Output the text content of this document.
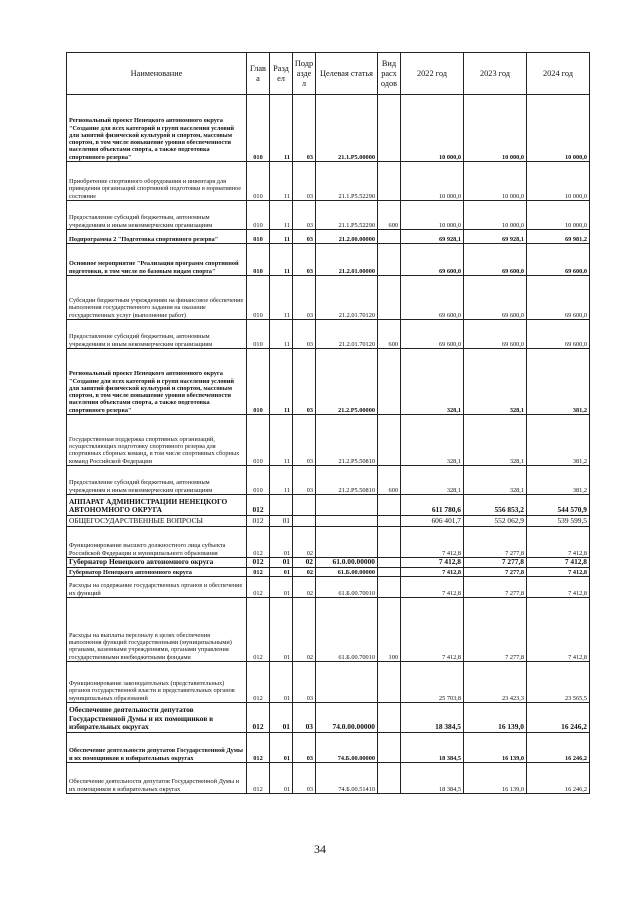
Наименование	Глав а	Разд ел	Подр азде л	Целевая статья	Вид расх одов	2022 год	2023 год	2024 год
Региональный проект Ненецкого автономного округа "Создание для всех категорий и групп населения условий для занятий физической культурой и спортом, массовым спортом, в том числе повышение уровня обеспеченности населения объектами спорта, а также подготовка спортивного резерва"	010	11	03	21.1.P5.00000		10 000,0	10 000,0	10 000,0
Приобретение спортивного оборудования и инвентаря для приведения организаций спортивной подготовки в нормативное состояние	010	11	03	21.1.P5.52290		10 000,0	10 000,0	10 000,0
Предоставление субсидий бюджетным, автономным учреждениям и иным некоммерческим организациям	010	11	03	21.1.P5.52290	600	10 000,0	10 000,0	10 000,0
Подпрограмма 2 "Подготовка спортивного резерва"	010	11	03	21.2.00.00000		69 928,1	69 928,1	69 981,2
Основное мероприятие "Реализация программ спортивной подготовки, в том числе по базовым видам спорта"	010	11	03	21.2.01.00000		69 600,0	69 600,0	69 600,0
Субсидии бюджетным учреждениям на финансовое обеспечение выполнения государственного задания на оказание государственных услуг (выполнение работ)	010	11	03	21.2.01.70120		69 600,0	69 600,0	69 600,0
Предоставление субсидий бюджетным, автономным учреждениям и иным некоммерческим организациям	010	11	03	21.2.01.70120	600	69 600,0	69 600,0	69 600,0
Региональный проект Ненецкого автономного округа "Создание для всех категорий и групп населения условий для занятий физической культурой и спортом, массовым спортом, в том числе повышение уровня обеспеченности населения объектами спорта, а также подготовка спортивного резерва"	010	11	03	21.2.P5.00000		328,1	328,1	381,2
Государственная поддержка спортивных организаций, осуществляющих подготовку спортивного резерва для спортивных сборных команд, в том числе спортивных сборных команд Российской Федерации	010	11	03	21.2.P5.50810		328,1	328,1	381,2
Предоставление субсидий бюджетным, автономным учреждениям и иным некоммерческим организациям	010	11	03	21.2.P5.50810	600	328,1	328,1	381,2
АППАРАТ АДМИНИСТРАЦИИ НЕНЕЦКОГО АВТОНОМНОГО ОКРУГА	012					611 780,6	556 853,2	544 570,9
ОБЩЕГОСУДАРСТВЕННЫЕ ВОПРОСЫ	012	01				606 401,7	552 062,9	539 599,5
Функционирование высшего должностного лица субъекта Российской Федерации и муниципального образования	012	01	02			7 412,8	7 277,8	7 412,8
Губернатор Ненецкого автономного округа	012	01	02	61.0.00.00000		7 412,8	7 277,8	7 412,8
Губернатор Ненецкого автономного округа	012	01	02	61.Б.00.00000		7 412,8	7 277,8	7 412,8
Расходы на содержание государственных органов и обеспечение их функций	012	01	02	61.Б.00.70010		7 412,8	7 277,8	7 412,8
Расходы на выплаты персоналу в целях обеспечения выполнения функций государственными (муниципальными) органами, казенными учреждениями, органами управления государственными внебюджетными фондами	012	01	02	61.Б.00.70010	100	7 412,8	7 277,8	7 412,8
Функционирование законодательных (представительных) органов государственной власти и представительных органов муниципальных образований	012	01	03			25 703,8	23 423,3	23 565,5
Обеспечение деятельности депутатов Государственной Думы и их помощников в избирательных округах	012	01	03	74.0.00.00000		18 384,5	16 139,0	16 246,2
Обеспечение деятельности депутатов Государственной Думы и их помощников в избирательных округах	012	01	03	74.Б.00.00000		18 384,5	16 139,0	16 246,2
Обеспечение деятельности депутатов Государственной Думы и их помощников в избирательных округах	012	01	03	74.Б.00.51410		18 384,5	16 139,0	16 246,2
34
